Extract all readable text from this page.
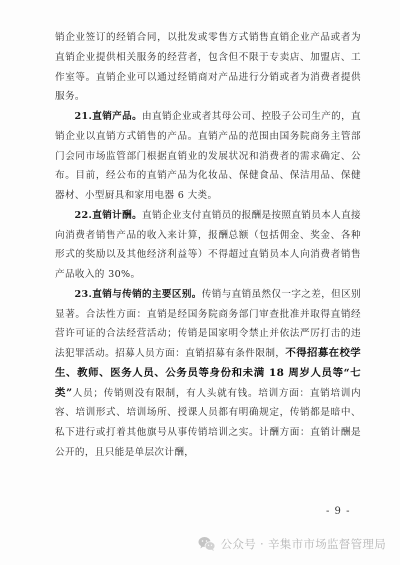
销企业签订的经销合同，以批发或零售方式销售直销企业产品或者为直销企业提供相关服务的经营者，包含但不限于专卖店、加盟店、工作室等。直销企业可以通过经销商对产品进行分销或者为消费者提供服务。

21.直销产品。由直销企业或者其母公司、控股子公司生产的，直销企业以直销方式销售的产品。直销产品的范围由国务院商务主管部门会同市场监管部门根据直销业的发展状况和消费者的需求确定、公布。目前，经公布的直销产品为化妆品、保健食品、保洁用品、保健器材、小型厨具和家用电器 6 大类。

22.直销计酬。直销企业支付直销员的报酬是按照直销员本人直接向消费者销售产品的收入来计算，报酬总额（包括佣金、奖金、各种形式的奖励以及其他经济利益等）不得超过直销员本人向消费者销售产品收入的 30%。

23.直销与传销的主要区别。传销与直销虽然仅一字之差，但区别显著。合法性方面：直销是经国务院商务部门审查批准并取得直销经营许可证的合法经营活动；传销是国家明令禁止并依法严厉打击的违法犯罪活动。招募人员方面：直销招募有条件限制，不得招募在校学生、教师、医务人员、公务员等身份和未满 18 周岁人员等“七类”人员；传销则没有限制，有人头就有钱。培训方面：直销培训内容、培训形式、培训场所、授课人员都有明确规定，传销都是暗中、私下进行或打着其他旗号从事传销培训之实。计酬方面：直销计酬是公开的，且只能是单层次计酬，

- 9 -
公众号 · 辛集市市场监督管理局
